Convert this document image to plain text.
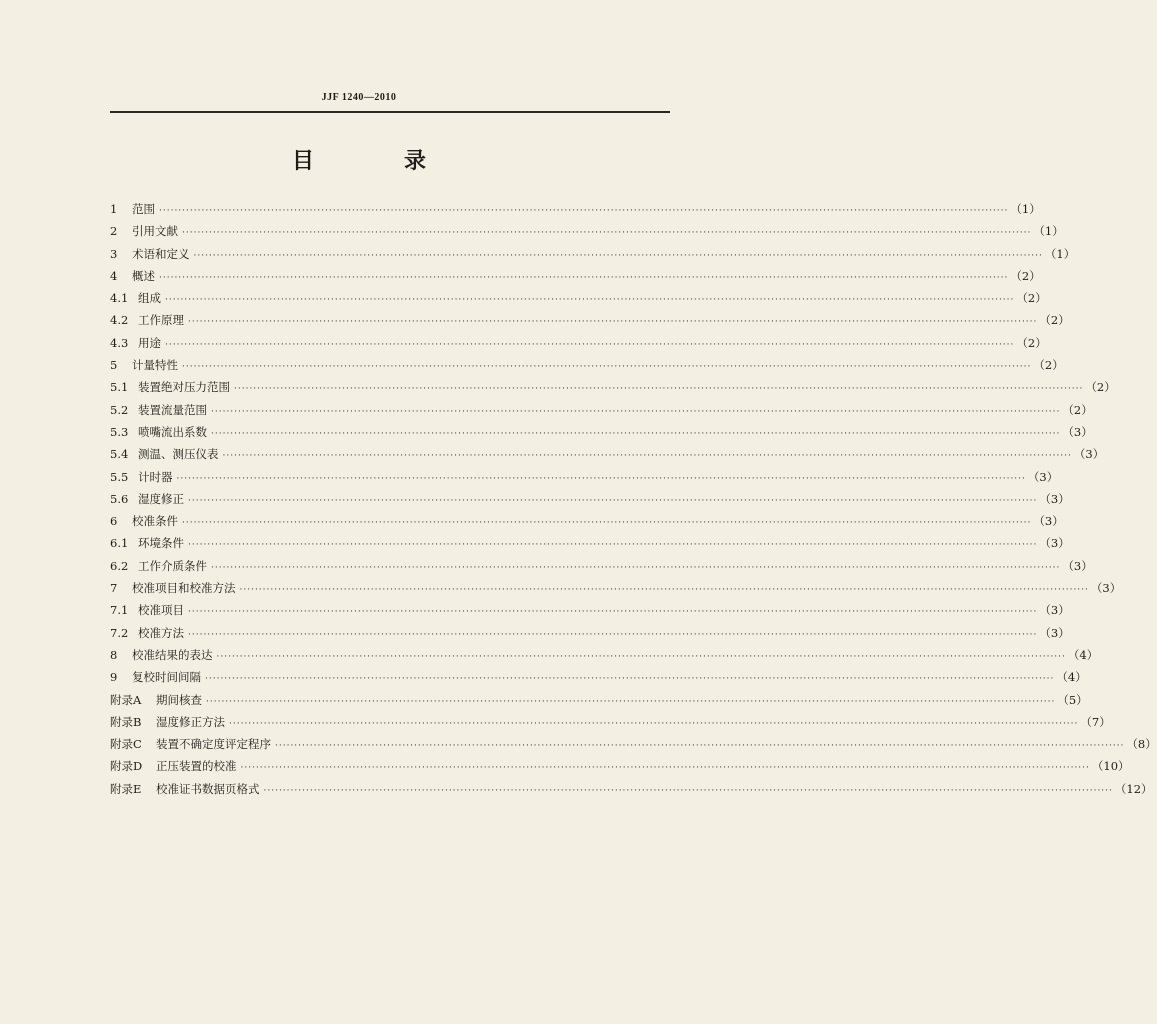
JJF 1240—2010
目　录
1	范围 ···························································································································································································································· （1）
2	引用文献 ···························································································································································································································· （1）
3	术语和定义 ···························································································································································································································· （1）
4	概述 ···························································································································································································································· （2）
4.1 组成 ···························································································································································································································· （2）
4.2 工作原理 ···························································································································································································································· （2）
4.3 用途 ···························································································································································································································· （2）
5	计量特性 ···························································································································································································································· （2）
5.1 装置绝对压力范围 ···························································································································································································································· （2）
5.2 装置流量范围 ···························································································································································································································· （2）
5.3 喷嘴流出系数 ···························································································································································································································· （3）
5.4 测温、测压仪表 ···························································································································································································································· （3）
5.5 计时器 ···························································································································································································································· （3）
5.6 湿度修正 ···························································································································································································································· （3）
6	校准条件 ···························································································································································································································· （3）
6.1 环境条件 ···························································································································································································································· （3）
6.2 工作介质条件 ···························································································································································································································· （3）
7	校准项目和校准方法 ···························································································································································································································· （3）
7.1 校准项目 ···························································································································································································································· （3）
7.2 校准方法 ···························································································································································································································· （3）
8	校准结果的表达 ···························································································································································································································· （4）
9	复校时间间隔 ···························································································································································································································· （4）
附录A	期间核查 ···························································································································································································································· （5）
附录B	湿度修正方法 ···························································································································································································································· （7）
附录C	装置不确定度评定程序 ···························································································································································································································· （8）
附录D	正压装置的校准 ···························································································································································································································· （10）
附录E	校准证书数据页格式 ···························································································································································································································· （12）
